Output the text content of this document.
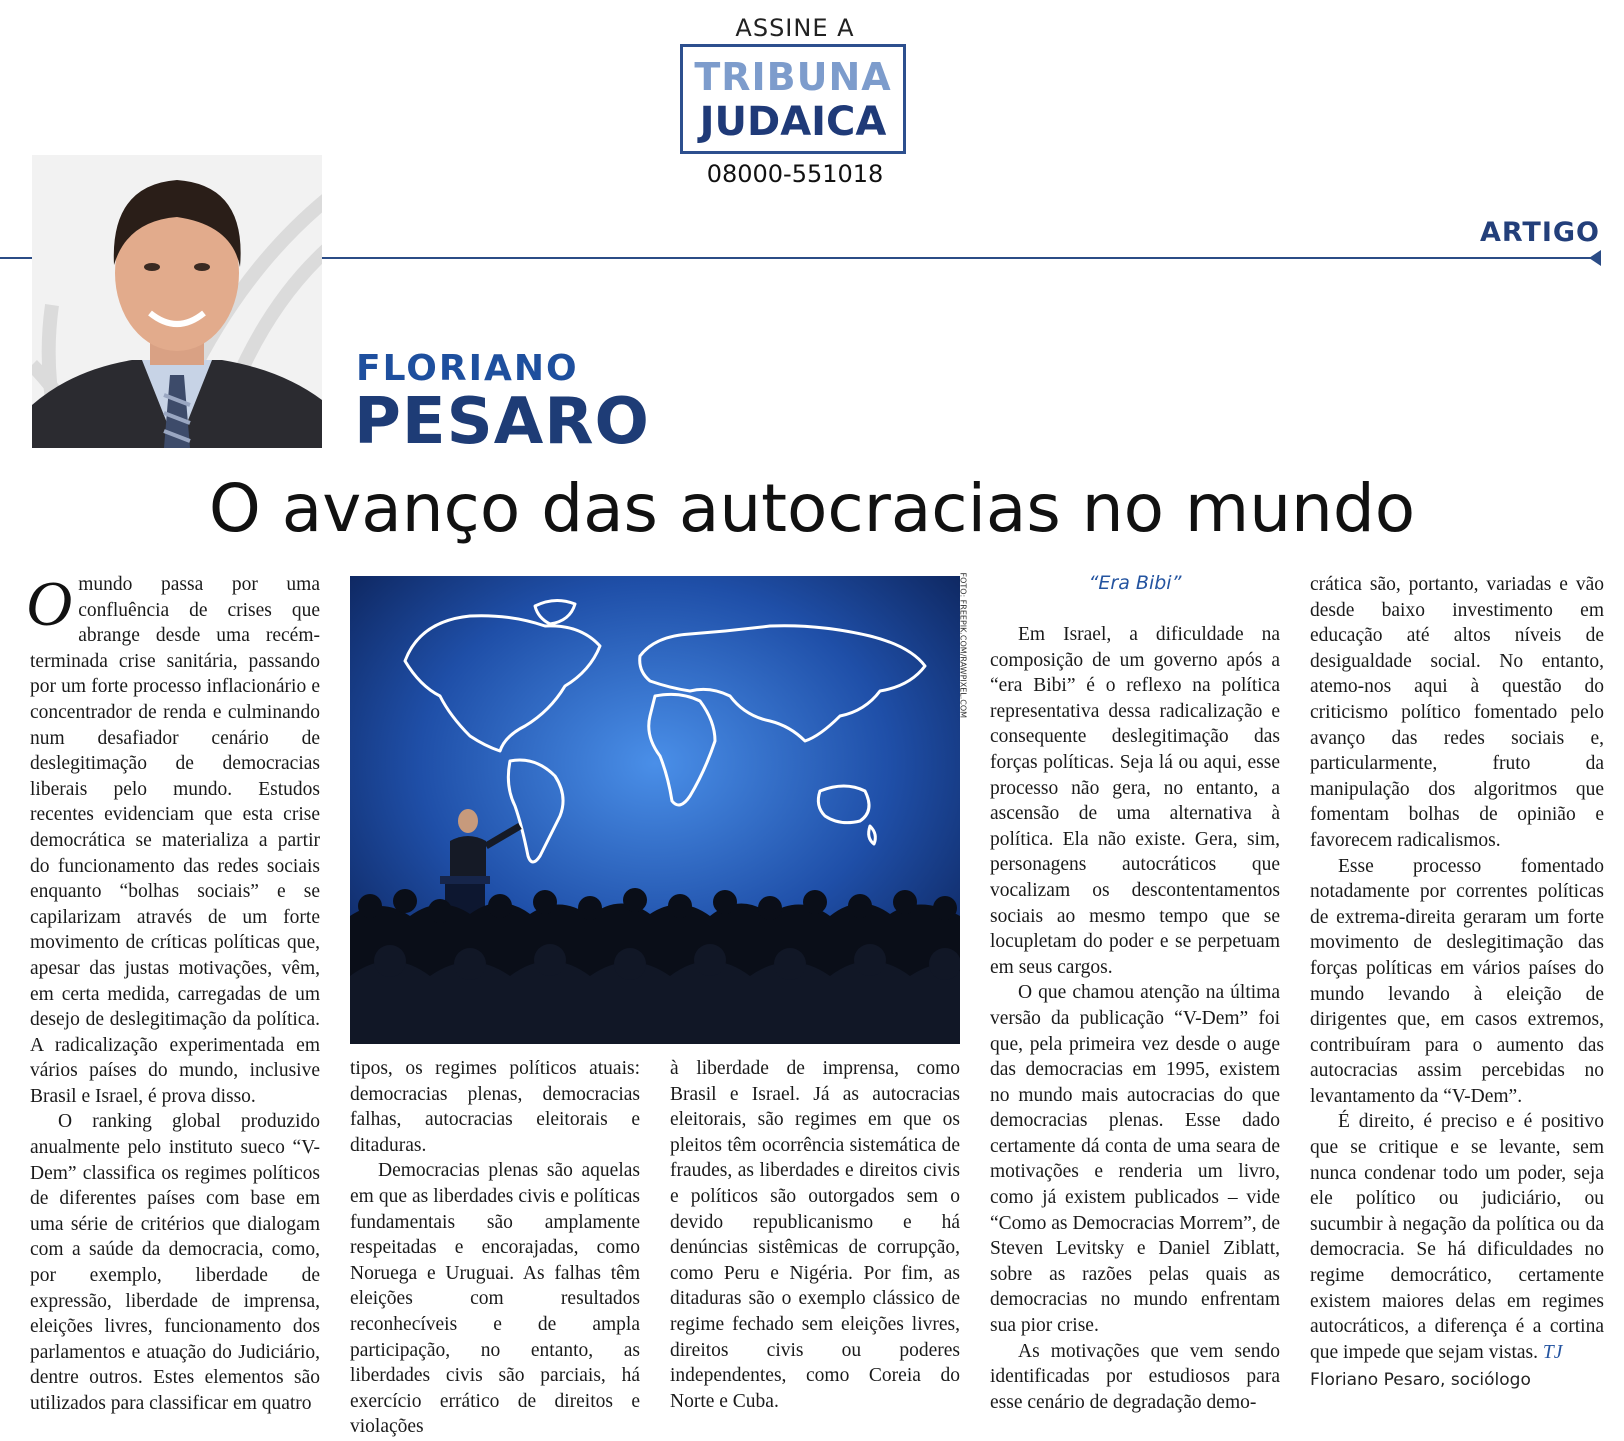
ASSINE A
TRIBUNA
JUDAICA
08000-551018
ARTIGO
FLORIANO
PESARO
O avanço das autocracias no mundo

Omundo passa por uma confluência de crises que abrange desde uma recém-terminada crise sanitária, passando por um forte processo inflacionário e concentrador de renda e culminando num desafiador cenário de deslegitimação de democracias liberais pelo mundo. Estudos recentes evidenciam que esta crise democrática se materializa a partir do funcionamento das redes sociais enquanto “bolhas sociais” e se capilarizam através de um forte movimento de críticas políticas que, apesar das justas motivações, vêm, em certa medida, carregadas de um desejo de deslegitimação da política. A radicalização experimentada em vários países do mundo, inclusive Brasil e Israel, é prova disso.

O ranking global produzido anualmente pelo instituto sueco “V-Dem” classifica os regimes políticos de diferentes países com base em uma série de critérios que dialogam com a saúde da democracia, como, por exemplo, liberdade de expressão, liberdade de imprensa, eleições livres, funcionamento dos parlamentos e atuação do Judiciário, dentre outros. Estes elementos são utilizados para classificar em quatro

FOTO: FREEPIK.COM/RAWPIXEL.COM

tipos, os regimes políticos atuais: democracias plenas, democracias falhas, autocracias eleitorais e ditaduras.

Democracias plenas são aquelas em que as liberdades civis e políticas fundamentais são amplamente respeitadas e encorajadas, como Noruega e Uruguai. As falhas têm eleições com resultados reconhecíveis e de ampla participação, no entanto, as liberdades civis são parciais, há exercício errático de direitos e violações

à liberdade de imprensa, como Brasil e Israel. Já as autocracias eleitorais, são regimes em que os pleitos têm ocorrência sistemática de fraudes, as liberdades e direitos civis e políticos são outorgados sem o devido republicanismo e há denúncias sistêmicas de corrupção, como Peru e Nigéria. Por fim, as ditaduras são o exemplo clássico de regime fechado sem eleições livres, direitos civis ou poderes independentes, como Coreia do Norte e Cuba.

“Era Bibi”

Em Israel, a dificuldade na composição de um governo após a “era Bibi” é o reflexo na política representativa dessa radicalização e consequente deslegitimação das forças políticas. Seja lá ou aqui, esse processo não gera, no entanto, a ascensão de uma alternativa à política. Ela não existe. Gera, sim, personagens autocráticos que vocalizam os descontentamentos sociais ao mesmo tempo que se locupletam do poder e se perpetuam em seus cargos.

O que chamou atenção na última versão da publicação “V-Dem” foi que, pela primeira vez desde o auge das democracias em 1995, existem no mundo mais autocracias do que democracias plenas. Esse dado certamente dá conta de uma seara de motivações e renderia um livro, como já existem publicados – vide “Como as Democracias Morrem”, de Steven Levitsky e Daniel Ziblatt, sobre as razões pelas quais as democracias no mundo enfrentam sua pior crise.

As motivações que vem sendo identificadas por estudiosos para esse cenário de degradação demo-

crática são, portanto, variadas e vão desde baixo investimento em educação até altos níveis de desigualdade social. No entanto, atemo-nos aqui à questão do criticismo político fomentado pelo avanço das redes sociais e, particularmente, fruto da manipulação dos algoritmos que fomentam bolhas de opinião e favorecem radicalismos.

Esse processo fomentado notadamente por correntes políticas de extrema-direita geraram um forte movimento de deslegitimação das forças políticas em vários países do mundo levando à eleição de dirigentes que, em casos extremos, contribuíram para o aumento das autocracias assim percebidas no levantamento da “V-Dem”.

É direito, é preciso e é positivo que se critique e se levante, sem nunca condenar todo um poder, seja ele político ou judiciário, ou sucumbir à negação da política ou da democracia. Se há dificuldades no regime democrático, certamente existem maiores delas em regimes autocráticos, a diferença é a cortina que impede que sejam vistas. TJ

Floriano Pesaro, sociólogo
